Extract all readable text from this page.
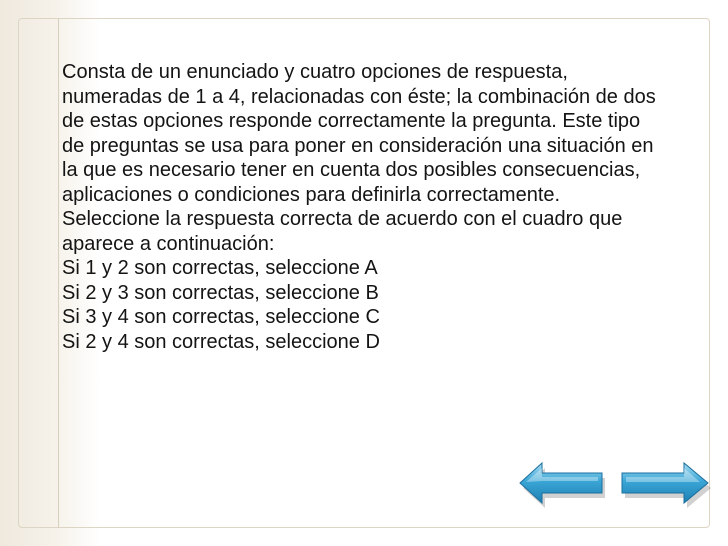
Consta de un enunciado y cuatro opciones de respuesta, numeradas de 1 a 4, relacionadas con éste; la combinación de dos de estas opciones responde correctamente la pregunta. Este tipo de preguntas se usa para poner en consideración una situación en la que es necesario tener en cuenta dos posibles consecuencias, aplicaciones o condiciones para definirla correctamente.

Seleccione la respuesta correcta de acuerdo con el cuadro que aparece a continuación:

Si 1 y 2 son correctas, seleccione A

Si 2 y 3 son correctas, seleccione B

Si 3 y 4 son correctas, seleccione C

Si 2 y 4 son correctas, seleccione D
